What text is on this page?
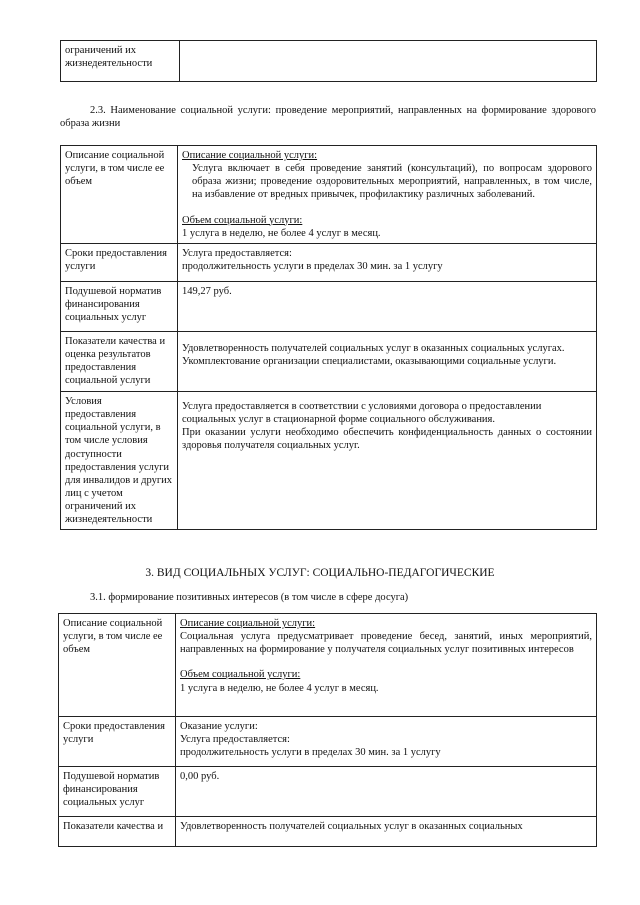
ограничений их жизнедеятельности	
2.3. Наименование социальной услуги: проведение мероприятий, направленных на формирование здорового образа жизни
Описание социальной услуги, в том числе ее объем	Описание социальной услуги:

Услуга включает в себя проведение занятий (консультаций), по вопросам здорового образа жизни; проведение оздоровительных мероприятий, направленных, в том числе, на избавление от вредных привычек, профилактику различных заболеваний.

Объем социальной услуги:

1 услуга в неделю, не более 4 услуг в месяц.

Сроки предоставления услуги	Услуга предоставляется:

продолжительность услуги в пределах 30 мин. за 1 услугу

Подушевой норматив финансирования социальных услуг	149,27 руб.
Показатели качества и оценка результатов предоставления социальной услуги	Удовлетворенность получателей социальных услуг в оказанных социальных услугах.

Укомплектование организации специалистами, оказывающими социальные услуги.

Условия предоставления социальной услуги, в том числе условия доступности предоставления услуги для инвалидов и других лиц с учетом ограничений их жизнедеятельности	Услуга предоставляется в соответствии с условиями договора о предоставлении социальных услуг в стационарной форме социального обслуживания.

При оказании услуги необходимо обеспечить конфиденциальность данных о состоянии здоровья получателя социальных услуг.

3. ВИД СОЦИАЛЬНЫХ УСЛУГ: СОЦИАЛЬНО-ПЕДАГОГИЧЕСКИЕ
3.1. формирование позитивных интересов (в том числе в сфере досуга)
Описание социальной услуги, в том числе ее объем	Описание социальной услуги:

Социальная услуга предусматривает проведение бесед, занятий, иных мероприятий, направленных на формирование у получателя социальных услуг позитивных интересов

Объем социальной услуги:

1 услуга в неделю, не более 4 услуг в месяц.

Сроки предоставления услуги	Оказание услуги:

Услуга предоставляется:

продолжительность услуги в пределах 30 мин. за 1 услугу

Подушевой норматив финансирования социальных услуг	0,00 руб.
Показатели качества и	Удовлетворенность получателей социальных услуг в оказанных социальных
